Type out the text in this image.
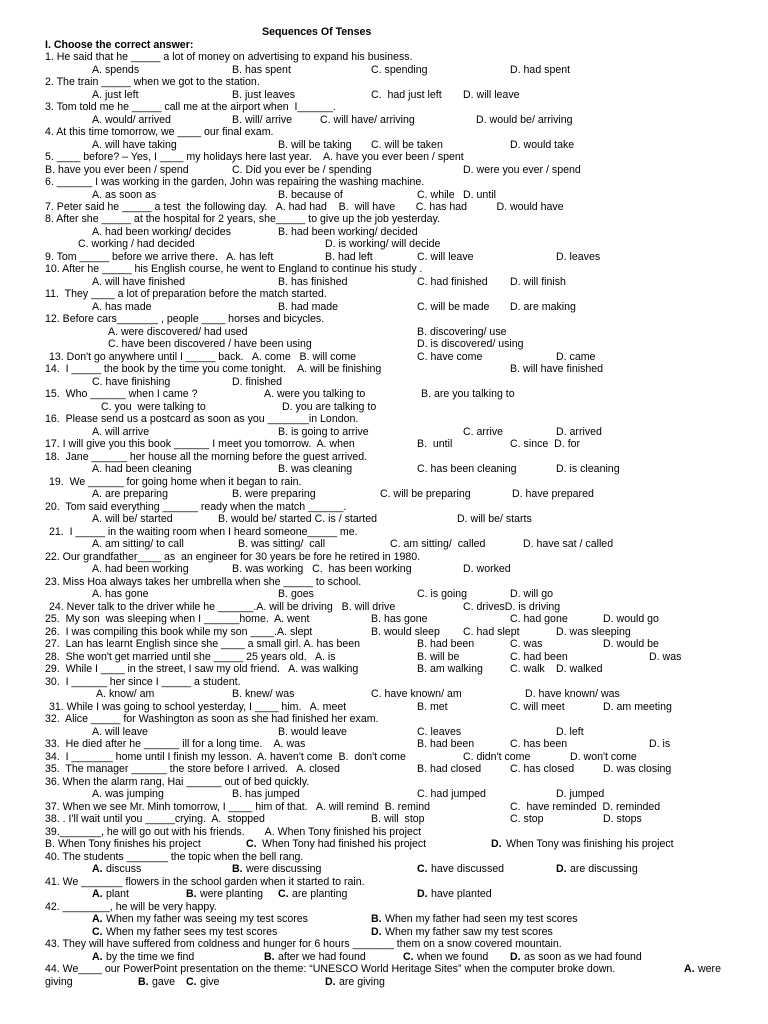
Sequences Of Tenses
I. Choose the correct answer:
1. He said that he _____ a lot of money on advertising to expand his business.
A. spends	B. has spent	C. spending	D. had spent
2. The train _____ when we got to the station.
A. just left	B. just leaves	C.  had just left D. will leave
3. Tom told me he _____ call me at the airport when  I______.
A. would/ arrived	B. will/ arrive	C. will have/ arriving	D. would be/ arriving
4. At this time tomorrow, we ____ our final exam.
A. will have taking	B. will be taking C. will be taken	D. would take
5. ____ before? – Yes, I ____ my holidays here last year.    A. have you ever been / spent
B. have you ever been / spend	C. Did you ever be / spending	D. were you ever / spend
6. ______ I was working in the garden, John was repairing the washing machine.
A. as soon as	B. because of	C. while D. until
7. Peter said he _____ a test  the following day.   A. had had    B.  will have       C. has had          D. would have
8. After she _____ at the hospital for 2 years, she_____ to give up the job yesterday.
A. had been working/ decides	B. had been working/ decided
C. working / had decided	D. is working/ will decide
9. Tom _____ before we arrive there.   A. has left	B. had left	C. will leave	D. leaves
10. After he _____ his English course, he went to England to continue his study .
A. will have finished	B. has finished	C. had finished D. will finish
11.  They ____ a lot of preparation before the match started.
A. has made	B. had made	C. will be made D. are making
12. Before cars_______ , people ____ horses and bicycles.
A. were discovered/ had used	B. discovering/ use
C. have been discovered / have been using	D. is discovered/ using
13. Don't go anywhere until I _____ back.   A. come   B. will come	C. have come	D. came
14.  I _____ the book by the time you come tonight.    A. will be finishing	B. will have finished
C. have finishing	D. finished
15.  Who ______ when I came ?	A. were you talking to	B. are you talking to
C. you  were talking to	D. you are talking to
16.  Please send us a postcard as soon as you _______in London.
A. will arrive	B. is going to arrive	C. arrive	D. arrived
17. I will give you this book ______ I meet you tomorrow.  A. when	B.  until	C. since  D. for
18.  Jane ______ her house all the morning before the guest arrived.
A. had been cleaning	B. was cleaning	C. has been cleaning	D. is cleaning
19.  We ______ for going home when it began to rain.
A. are preparing	B. were preparing	C. will be preparing	D. have prepared
20.  Tom said everything ______ ready when the match ______.
A. will be/ started	B. would be/ started C. is / started	D. will be/ starts
21.  I _____ in the waiting room when I heard someone_____ me.
A. am sitting/ to call	B. was sitting/  call	C. am sitting/  called	D. have sat / called
22. Our grandfather____ as  an engineer for 30 years be fore he retired in 1980.
A. had been working	B. was working   C.  has been working	D. worked
23. Miss Hoa always takes her umbrella when she _____ to school.
A. has gone	B. goes	C. is going	D. will go
24. Never talk to the driver while he ______.A. will be driving   B. will drive	C. drivesD. is driving
25.  My son  was sleeping when I ______home.  A. went	B. has gone	C. had gone	D. would go
26.  I was compiling this book while my son ____.A. slept	B. would sleep C. had slept	D. was sleeping
27.  Lan has learnt English since she ____ a small girl. A. has been	B. had been	C. was	D. would be
28.  She won't get married until she _____ 25 years old.   A. is	B. will be	C. had been	D. was
29.  While I ____ in the street, I saw my old friend.   A. was walking	B. am walking	C. walk D. walked
30.  I ______ her since I _____ a student.
A. know/ am	B. knew/ was	C. have known/ am	D. have known/ was
31. While I was going to school yesterday, I ____ him.   A. meet	B. met	C. will meet	D. am meeting
32.  Alice _____ for Washington as soon as she had finished her exam.
A. will leave	B. would leave	C. leaves	D. left
33.  He died after he ______ ill for a long time.    A. was	B. had been	C. has been	D. is
34.  I _______ home until I finish my lesson.  A. haven't come  B.  don't come	C. didn't come	D. won't come
35.  The manager ______ the store before I arrived.   A. closed	B. had closed	C. has closed	D. was closing
36. When the alarm rang, Hai ______ out of bed quickly.
A. was jumping	B. has jumped	C. had jumped	D. jumped
37. When we see Mr. Minh tomorrow, I ____ him of that.   A. will remind  B. remind	C.  have reminded  D. reminded
38. . I'll wait until you _____crying.  A.  stopped	B. will  stop	C. stop	D. stops
39._______, he will go out with his friends.       A. When Tony finished his project
B. When Tony finishes his project	C. When Tony had finished his project	D. When Tony was finishing his project
40. The students _______ the topic when the bell rang.
A. discuss	B. were discussing	C. have discussed	D. are discussing
41. We _______ flowers in the school garden when it started to rain.
A. plant	B. were planting C. are planting	D. have planted
42. ________, he will be very happy.
A. When my father was seeing my test scores	B. When my father had seen my test scores
C. When my father sees my test scores	D. When my father saw my test scores
43. They will have suffered from coldness and hunger for 6 hours _______ them on a snow covered mountain.
A. by the time we find	B. after we had found	C. when we found D. as soon as we had found
44. We____ our PowerPoint presentation on the theme: “UNESCO World Heritage Sites” when the computer broke down.	A. were
giving	B. gave C. give	D. are giving
